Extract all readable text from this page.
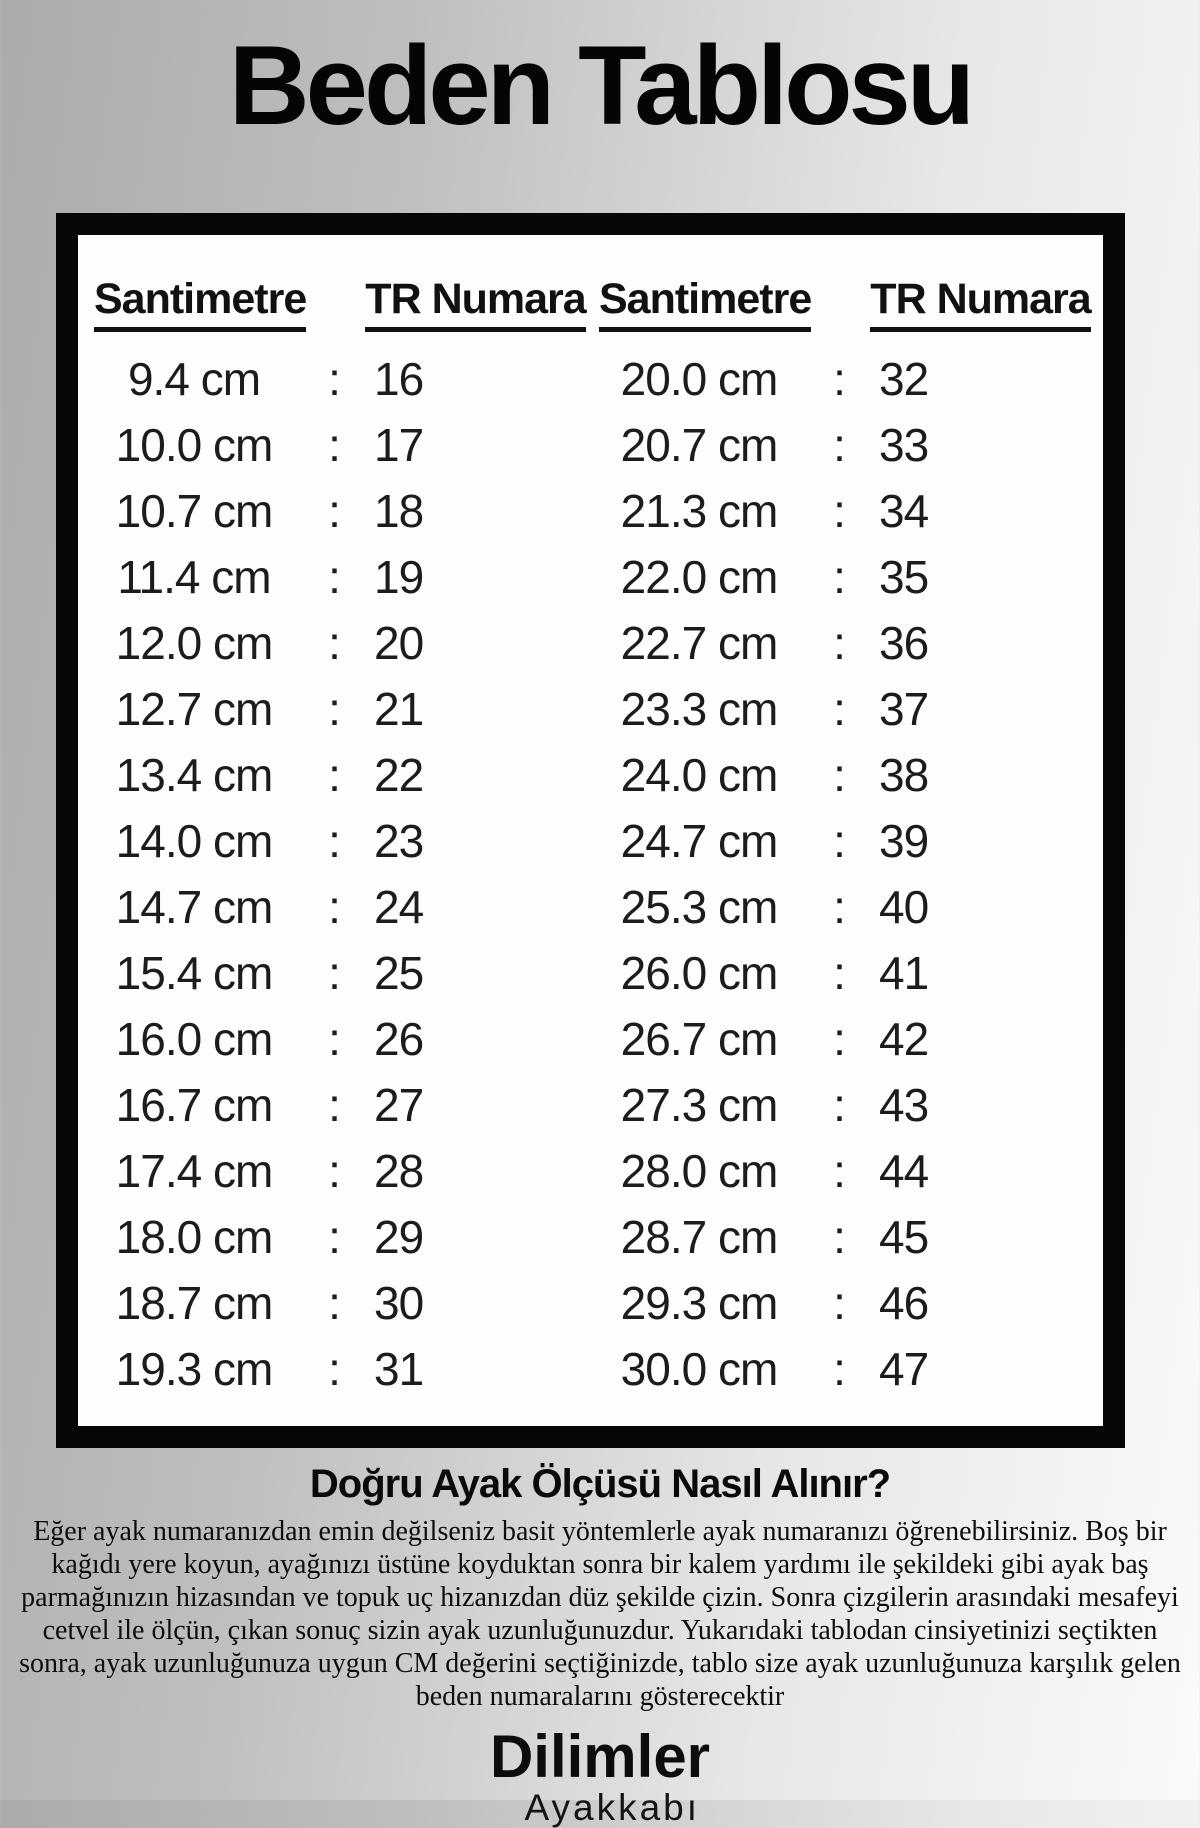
Beden Tablosu
Santimetre	TR Numara
9.4 cm	: 16
10.0 cm	: 17
10.7 cm	: 18
11.4 cm	: 19
12.0 cm	: 20
12.7 cm	: 21
13.4 cm	: 22
14.0 cm	: 23
14.7 cm	: 24
15.4 cm	: 25
16.0 cm	: 26
16.7 cm	: 27
17.4 cm	: 28
18.0 cm	: 29
18.7 cm	: 30
19.3 cm	: 31
Santimetre	TR Numara
20.0 cm	: 32
20.7 cm	: 33
21.3 cm	: 34
22.0 cm	: 35
22.7 cm	: 36
23.3 cm	: 37
24.0 cm	: 38
24.7 cm	: 39
25.3 cm	: 40
26.0 cm	: 41
26.7 cm	: 42
27.3 cm	: 43
28.0 cm	: 44
28.7 cm	: 45
29.3 cm	: 46
30.0 cm	: 47
Doğru Ayak Ölçüsü Nasıl Alınır?

Eğer ayak numaranızdan emin değilseniz basit yöntemlerle ayak numaranızı öğrenebilirsiniz. Boş bir kağıdı yere koyun, ayağınızı üstüne koyduktan sonra bir kalem yardımı ile şekildeki gibi ayak baş parmağınızın hizasından ve topuk uç hizanızdan düz şekilde çizin. Sonra çizgilerin arasındaki mesafeyi cetvel ile ölçün, çıkan sonuç sizin ayak uzunluğunuzdur. Yukarıdaki tablodan cinsiyetinizi seçtikten sonra, ayak uzunluğunuza uygun CM değerini seçtiğinizde, tablo size ayak uzunluğunuza karşılık gelen beden numaralarını gösterecektir

Dilimler
Ayakkabı
